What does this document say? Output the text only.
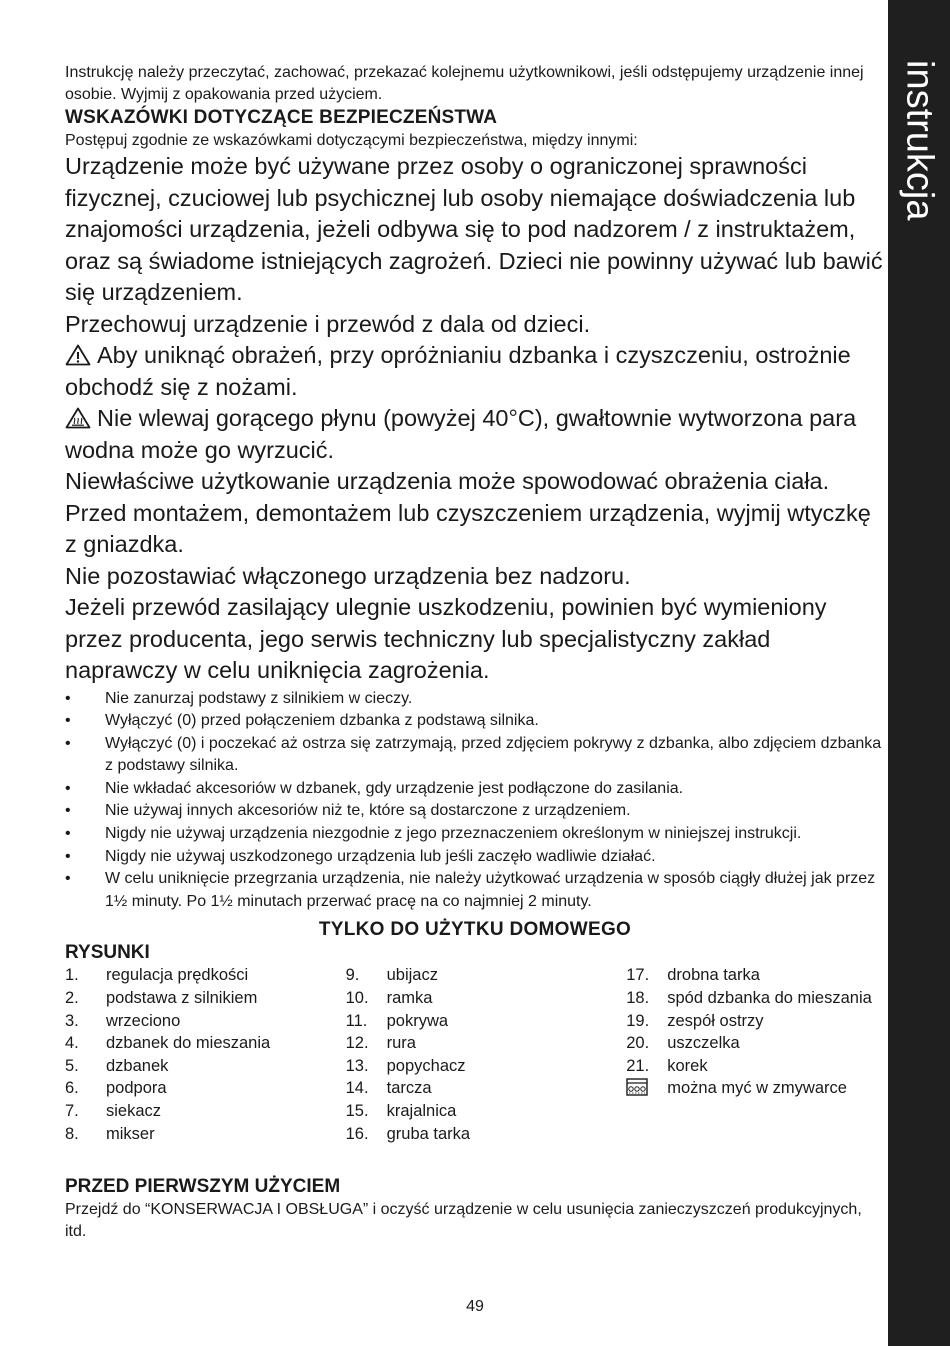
instrukcja

Instrukcję należy przeczytać, zachować, przekazać kolejnemu użytkownikowi, jeśli odstępujemy urządzenie innej osobie. Wyjmij z opakowania przed użyciem.

WSKAZÓWKI DOTYCZĄCE BEZPIECZEŃSTWA

Postępuj zgodnie ze wskazówkami dotyczącymi bezpieczeństwa, między innymi:

Urządzenie może być używane przez osoby o ograniczonej sprawności fizycznej, czuciowej lub psychicznej lub osoby niemające doświadczenia lub znajomości urządzenia, jeżeli odbywa się to pod nadzorem / z instruktażem, oraz są świadome istniejących zagrożeń. Dzieci nie powinny używać lub bawić się urządzeniem.

Przechowuj urządzenie i przewód z dala od dzieci.

Aby uniknąć obrażeń, przy opróżnianiu dzbanka i czyszczeniu, ostrożnie obchodź się z nożami.

Nie wlewaj gorącego płynu (powyżej 40°C), gwałtownie wytworzona para wodna może go wyrzucić.

Niewłaściwe użytkowanie urządzenia może spowodować obrażenia ciała.

Przed montażem, demontażem lub czyszczeniem urządzenia, wyjmij wtyczkę z gniazdka.

Nie pozostawiać włączonego urządzenia bez nadzoru.

Jeżeli przewód zasilający ulegnie uszkodzeniu, powinien być wymieniony przez producenta, jego serwis techniczny lub specjalistyczny zakład naprawczy w celu uniknięcia zagrożenia.

• Nie zanurzaj podstawy z silnikiem w cieczy.
• Wyłączyć (0) przed połączeniem dzbanka z podstawą silnika.
• Wyłączyć (0) i poczekać aż ostrza się zatrzymają, przed zdjęciem pokrywy z dzbanka, albo zdjęciem dzbanka z podstawy silnika.
• Nie wkładać akcesoriów w dzbanek, gdy urządzenie jest podłączone do zasilania.
• Nie używaj innych akcesoriów niż te, które są dostarczone z urządzeniem.
• Nigdy nie używaj urządzenia niezgodnie z jego przeznaczeniem określonym w niniejszej instrukcji.
• Nigdy nie używaj uszkodzonego urządzenia lub jeśli zaczęło wadliwie działać.
• W celu uniknięcie przegrzania urządzenia, nie należy użytkować urządzenia w sposób ciągły dłużej jak przez 1½ minuty. Po 1½ minutach przerwać pracę na co najmniej 2 minuty.
TYLKO DO UŻYTKU DOMOWEGO
RYSUNKI
1.	regulacja prędkości
2.	podstawa z silnikiem
3.	wrzeciono
4.	dzbanek do mieszania
5.	dzbanek
6.	podpora
7.	siekacz
8.	mikser
9.	ubijacz
10.	ramka
11.	pokrywa
12.	rura
13.	popychacz
14.	tarcza
15.	krajalnica
16.	gruba tarka
17.	drobna tarka
18.	spód dzbanka do mieszania
19.	zespół ostrzy
20.	uszczelka
21.	korek
można myć w zmywarce
PRZED PIERWSZYM UŻYCIEM

Przejdź do “KONSERWACJA I OBSŁUGA” i oczyść urządzenie w celu usunięcia zanieczyszczeń produkcyjnych, itd.

49
